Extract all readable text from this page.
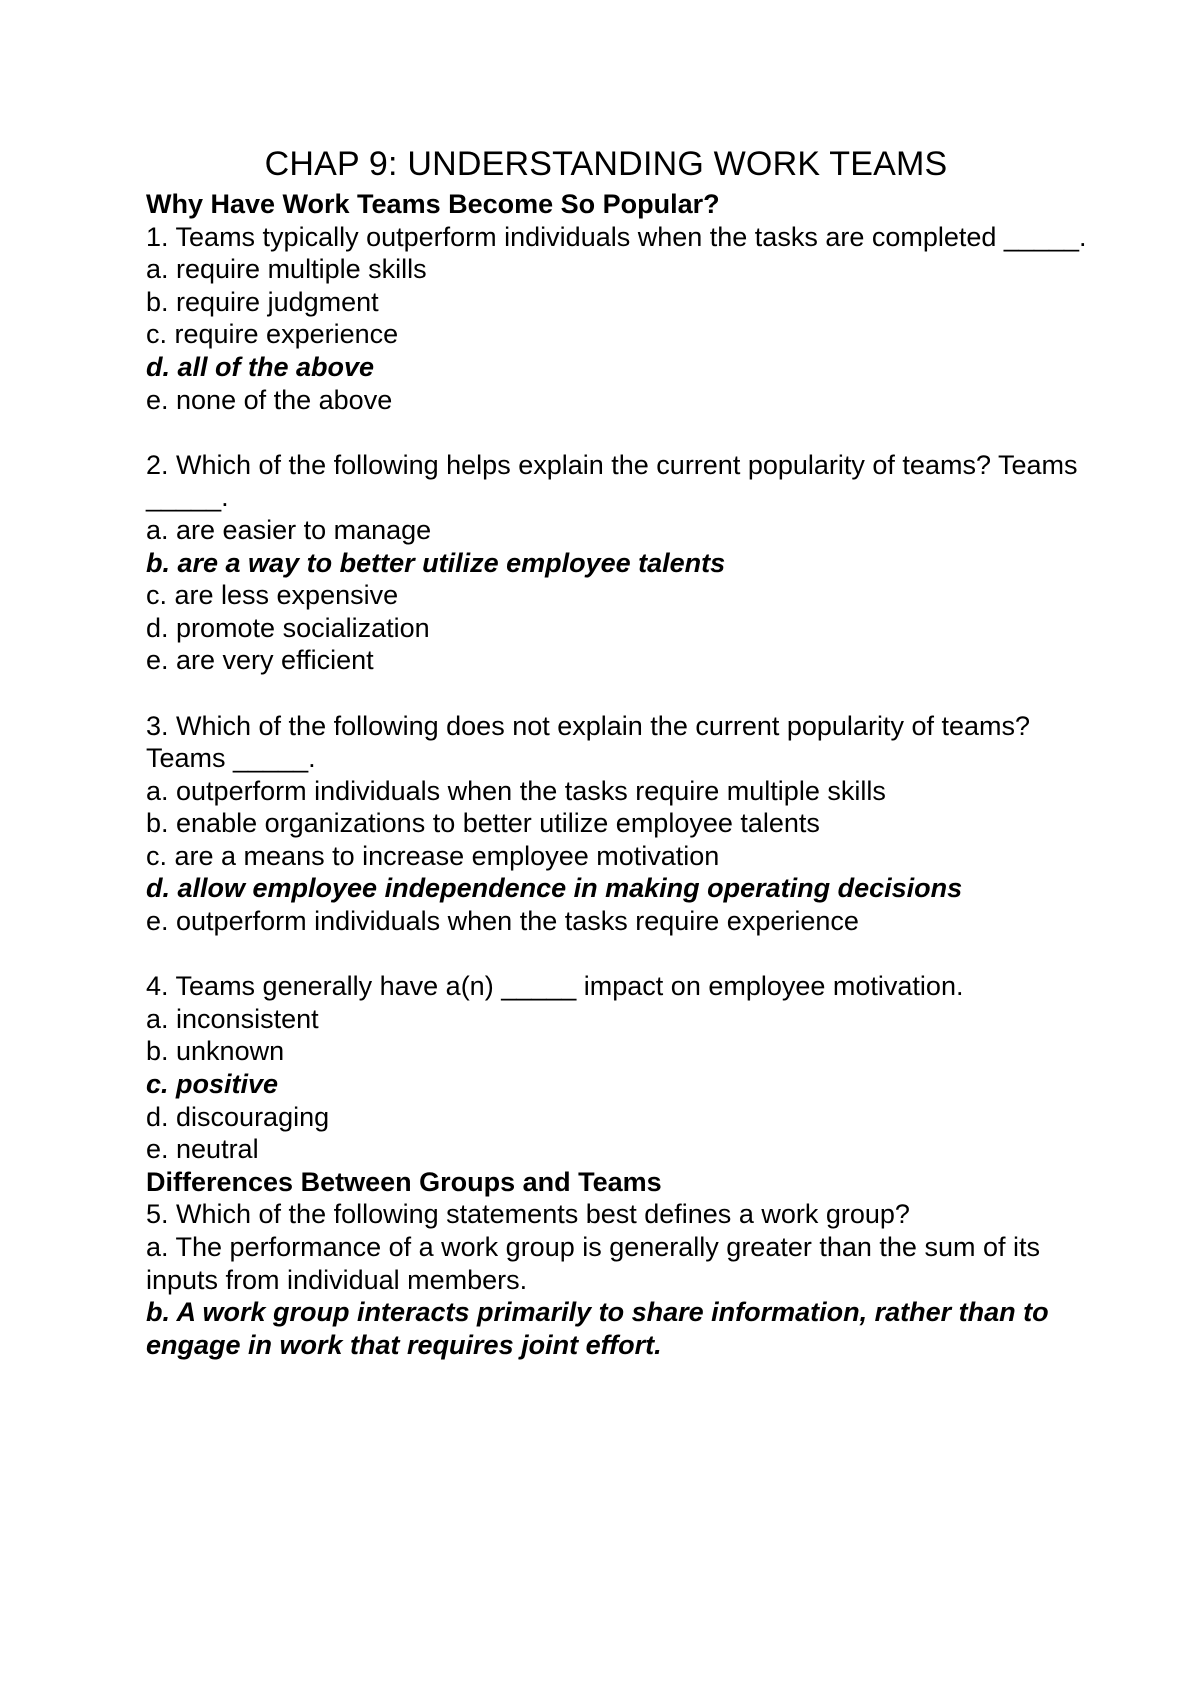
CHAP 9: UNDERSTANDING WORK TEAMS
Why Have Work Teams Become So Popular?

1. Teams typically outperform individuals when the tasks are completed _____.

a. require multiple skills
b. require judgment
c. require experience
d. all of the above
e. none of the above

2. Which of the following helps explain the current popularity of teams? Teams _____.

a. are easier to manage
b. are a way to better utilize employee talents
c. are less expensive
d. promote socialization
e. are very efficient

3. Which of the following does not explain the current popularity of teams? Teams _____.

a. outperform individuals when the tasks require multiple skills
b. enable organizations to better utilize employee talents
c. are a means to increase employee motivation
d. allow employee independence in making operating decisions
e. outperform individuals when the tasks require experience

4. Teams generally have a(n) _____ impact on employee motivation.

a. inconsistent
b. unknown
c. positive
d. discouraging
e. neutral
Differences Between Groups and Teams

5. Which of the following statements best defines a work group?

a. The performance of a work group is generally greater than the sum of its inputs from individual members.
b. A work group interacts primarily to share information, rather than to engage in work that requires joint effort.
